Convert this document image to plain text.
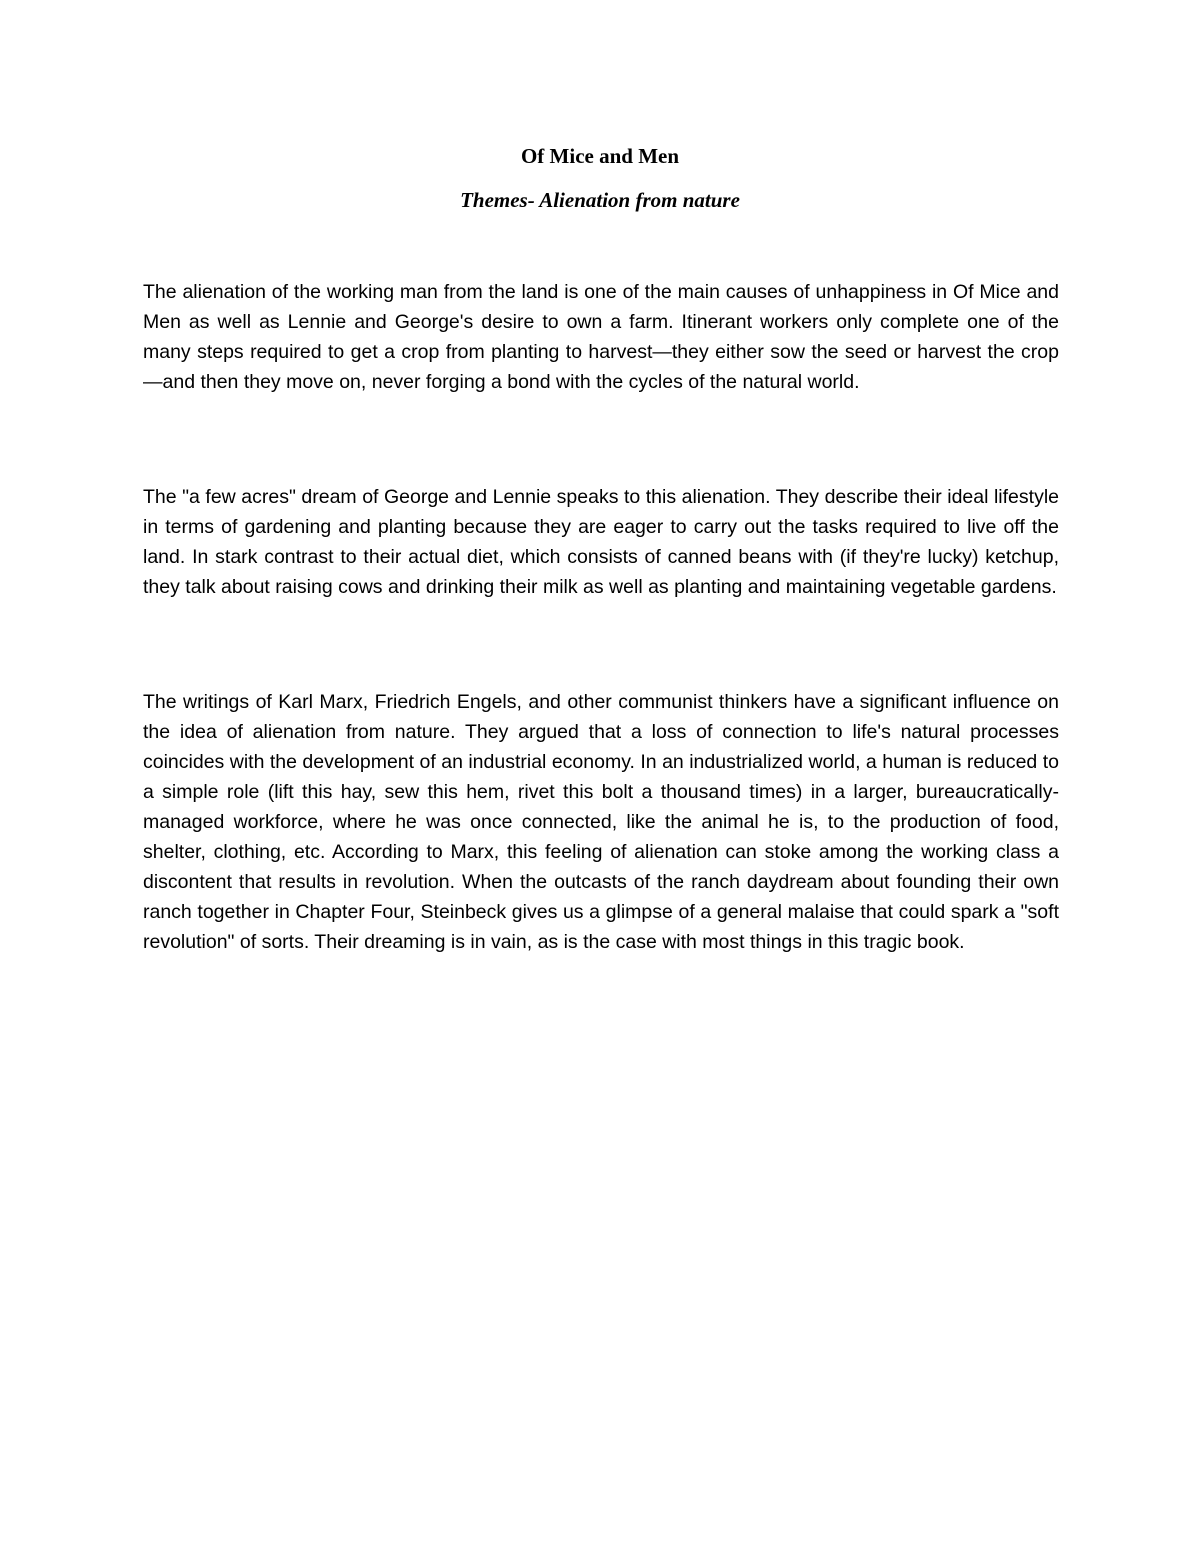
Of Mice and Men
Themes- Alienation from nature

The alienation of the working man from the land is one of the main causes of unhappiness in Of Mice and Men as well as Lennie and George's desire to own a farm. Itinerant workers only complete one of the many steps required to get a crop from planting to harvest—they either sow the seed or harvest the crop—and then they move on, never forging a bond with the cycles of the natural world.

The "a few acres" dream of George and Lennie speaks to this alienation. They describe their ideal lifestyle in terms of gardening and planting because they are eager to carry out the tasks required to live off the land. In stark contrast to their actual diet, which consists of canned beans with (if they're lucky) ketchup, they talk about raising cows and drinking their milk as well as planting and maintaining vegetable gardens.

The writings of Karl Marx, Friedrich Engels, and other communist thinkers have a significant influence on the idea of alienation from nature. They argued that a loss of connection to life's natural processes coincides with the development of an industrial economy. In an industrialized world, a human is reduced to a simple role (lift this hay, sew this hem, rivet this bolt a thousand times) in a larger, bureaucratically-managed workforce, where he was once connected, like the animal he is, to the production of food, shelter, clothing, etc. According to Marx, this feeling of alienation can stoke among the working class a discontent that results in revolution. When the outcasts of the ranch daydream about founding their own ranch together in Chapter Four, Steinbeck gives us a glimpse of a general malaise that could spark a "soft revolution" of sorts. Their dreaming is in vain, as is the case with most things in this tragic book.
